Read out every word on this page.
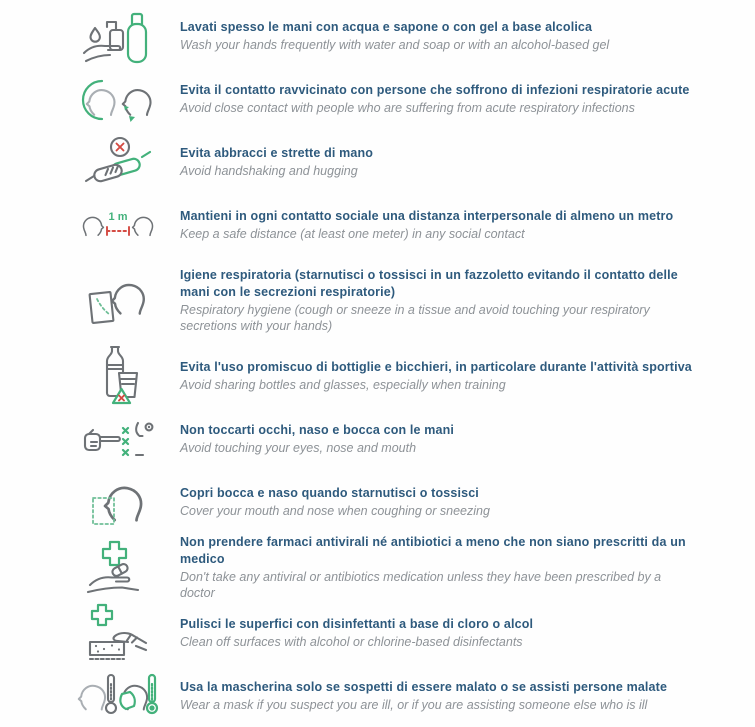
Lavati spesso le mani con acqua e sapone o con gel a base alcolica
Wash your hands frequently with water and soap or with an alcohol-based gel
Evita il contatto ravvicinato con persone che soffrono di infezioni respiratorie acute
Avoid close contact with people who are suffering from acute respiratory infections
Evita abbracci e strette di mano
Avoid handshaking and hugging
1 m	Mantieni in ogni contatto sociale una distanza interpersonale di almeno un metro
Keep a safe distance (at least one meter) in any social contact
Igiene respiratoria (starnutisci o tossisci in un fazzoletto evitando il contatto delle mani con le secrezioni respiratorie)
Respiratory hygiene (cough or sneeze in a tissue and avoid touching your respiratory secretions with your hands)
Evita l'uso promiscuo di bottiglie e bicchieri, in particolare durante l'attività sportiva
Avoid sharing bottles and glasses, especially when training
Non toccarti occhi, naso e bocca con le mani
Avoid touching your eyes, nose and mouth
Copri bocca e naso quando starnutisci o tossisci
Cover your mouth and nose when coughing or sneezing
Non prendere farmaci antivirali né antibiotici a meno che non siano prescritti da un medico
Don't take any antiviral or antibiotics medication unless they have been prescribed by a doctor
Pulisci le superfici con disinfettanti a base di cloro o alcol
Clean off surfaces with alcohol or chlorine-based disinfectants
Usa la mascherina solo se sospetti di essere malato o se assisti persone malate
Wear a mask if you suspect you are ill, or if you are assisting someone else who is ill
